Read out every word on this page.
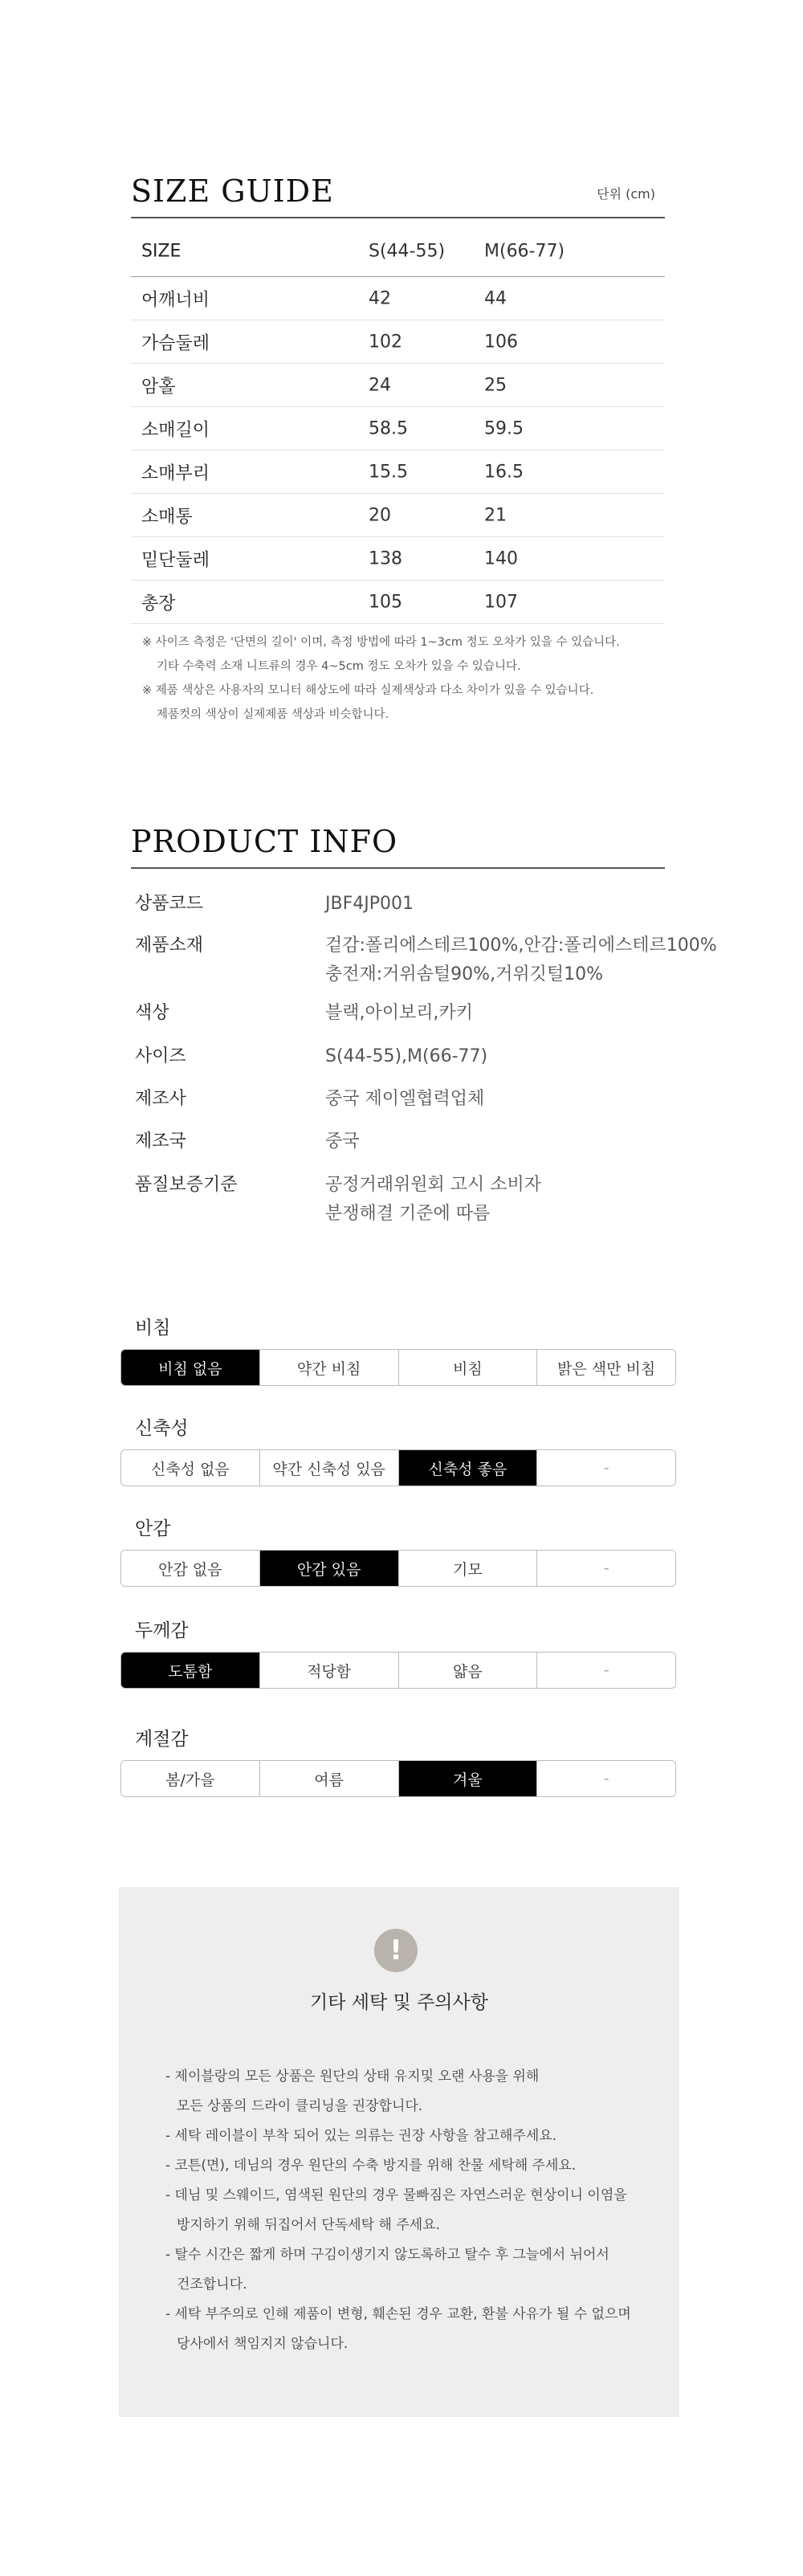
SIZE GUIDE	단위 (cm)
SIZE	S(44-55) M(66-77)
어깨너비	42	44
가슴둘레	102	106
암홀	24	25
소매길이	58.5	59.5
소매부리	15.5	16.5
소매통	20	21
밑단둘레	138	140
총장	105	107
※ 사이즈 측정은 '단면의 길이' 이며, 측정 방법에 따라 1~3cm 정도 오차가 있을 수 있습니다.
기타 수축력 소재 니트류의 경우 4~5cm 정도 오차가 있을 수 있습니다.
※ 제품 색상은 사용자의 모니터 해상도에 따라 실제색상과 다소 차이가 있을 수 있습니다.
제품컷의 색상이 실제제품 색상과 비슷합니다.
PRODUCT INFO
상품코드	JBF4JP001
제품소재	겉감:폴리에스테르100%,안감:폴리에스테르100%
충전재:거위솜털90%,거위깃털10%
색상	블랙,아이보리,카키
사이즈	S(44-55),M(66-77)
제조사	중국 제이엘협력업체
제조국	중국
품질보증기준	공정거래위원회 고시 소비자
분쟁해결 기준에 따름
비침
비침 없음	약간 비침	비침	밝은 색만 비침
신축성
신축성 없음	약간 신축성 있음	신축성 좋음	-
안감
안감 없음	안감 있음	기모	-
두께감
도톰함	적당함	얇음	-
계절감
봄/가을	여름	겨울	-
!
기타 세탁 및 주의사항
- 제이블랑의 모든 상품은 원단의 상태 유지및 오랜 사용을 위해
모든 상품의 드라이 클리닝을 권장합니다.
- 세탁 레이블이 부착 되어 있는 의류는 권장 사항을 참고해주세요.
- 코튼(면), 데님의 경우 원단의 수축 방지를 위해 찬물 세탁해 주세요.
- 데님 및 스웨이드, 염색된 원단의 경우 물빠짐은 자연스러운 현상이니 이염을
방지하기 위해 뒤집어서 단독세탁 해 주세요.
- 탈수 시간은 짧게 하며 구김이생기지 않도록하고 탈수 후 그늘에서 뉘어서
건조합니다.
- 세탁 부주의로 인해 제품이 변형, 훼손된 경우 교환, 환불 사유가 될 수 없으며
당사에서 책임지지 않습니다.
